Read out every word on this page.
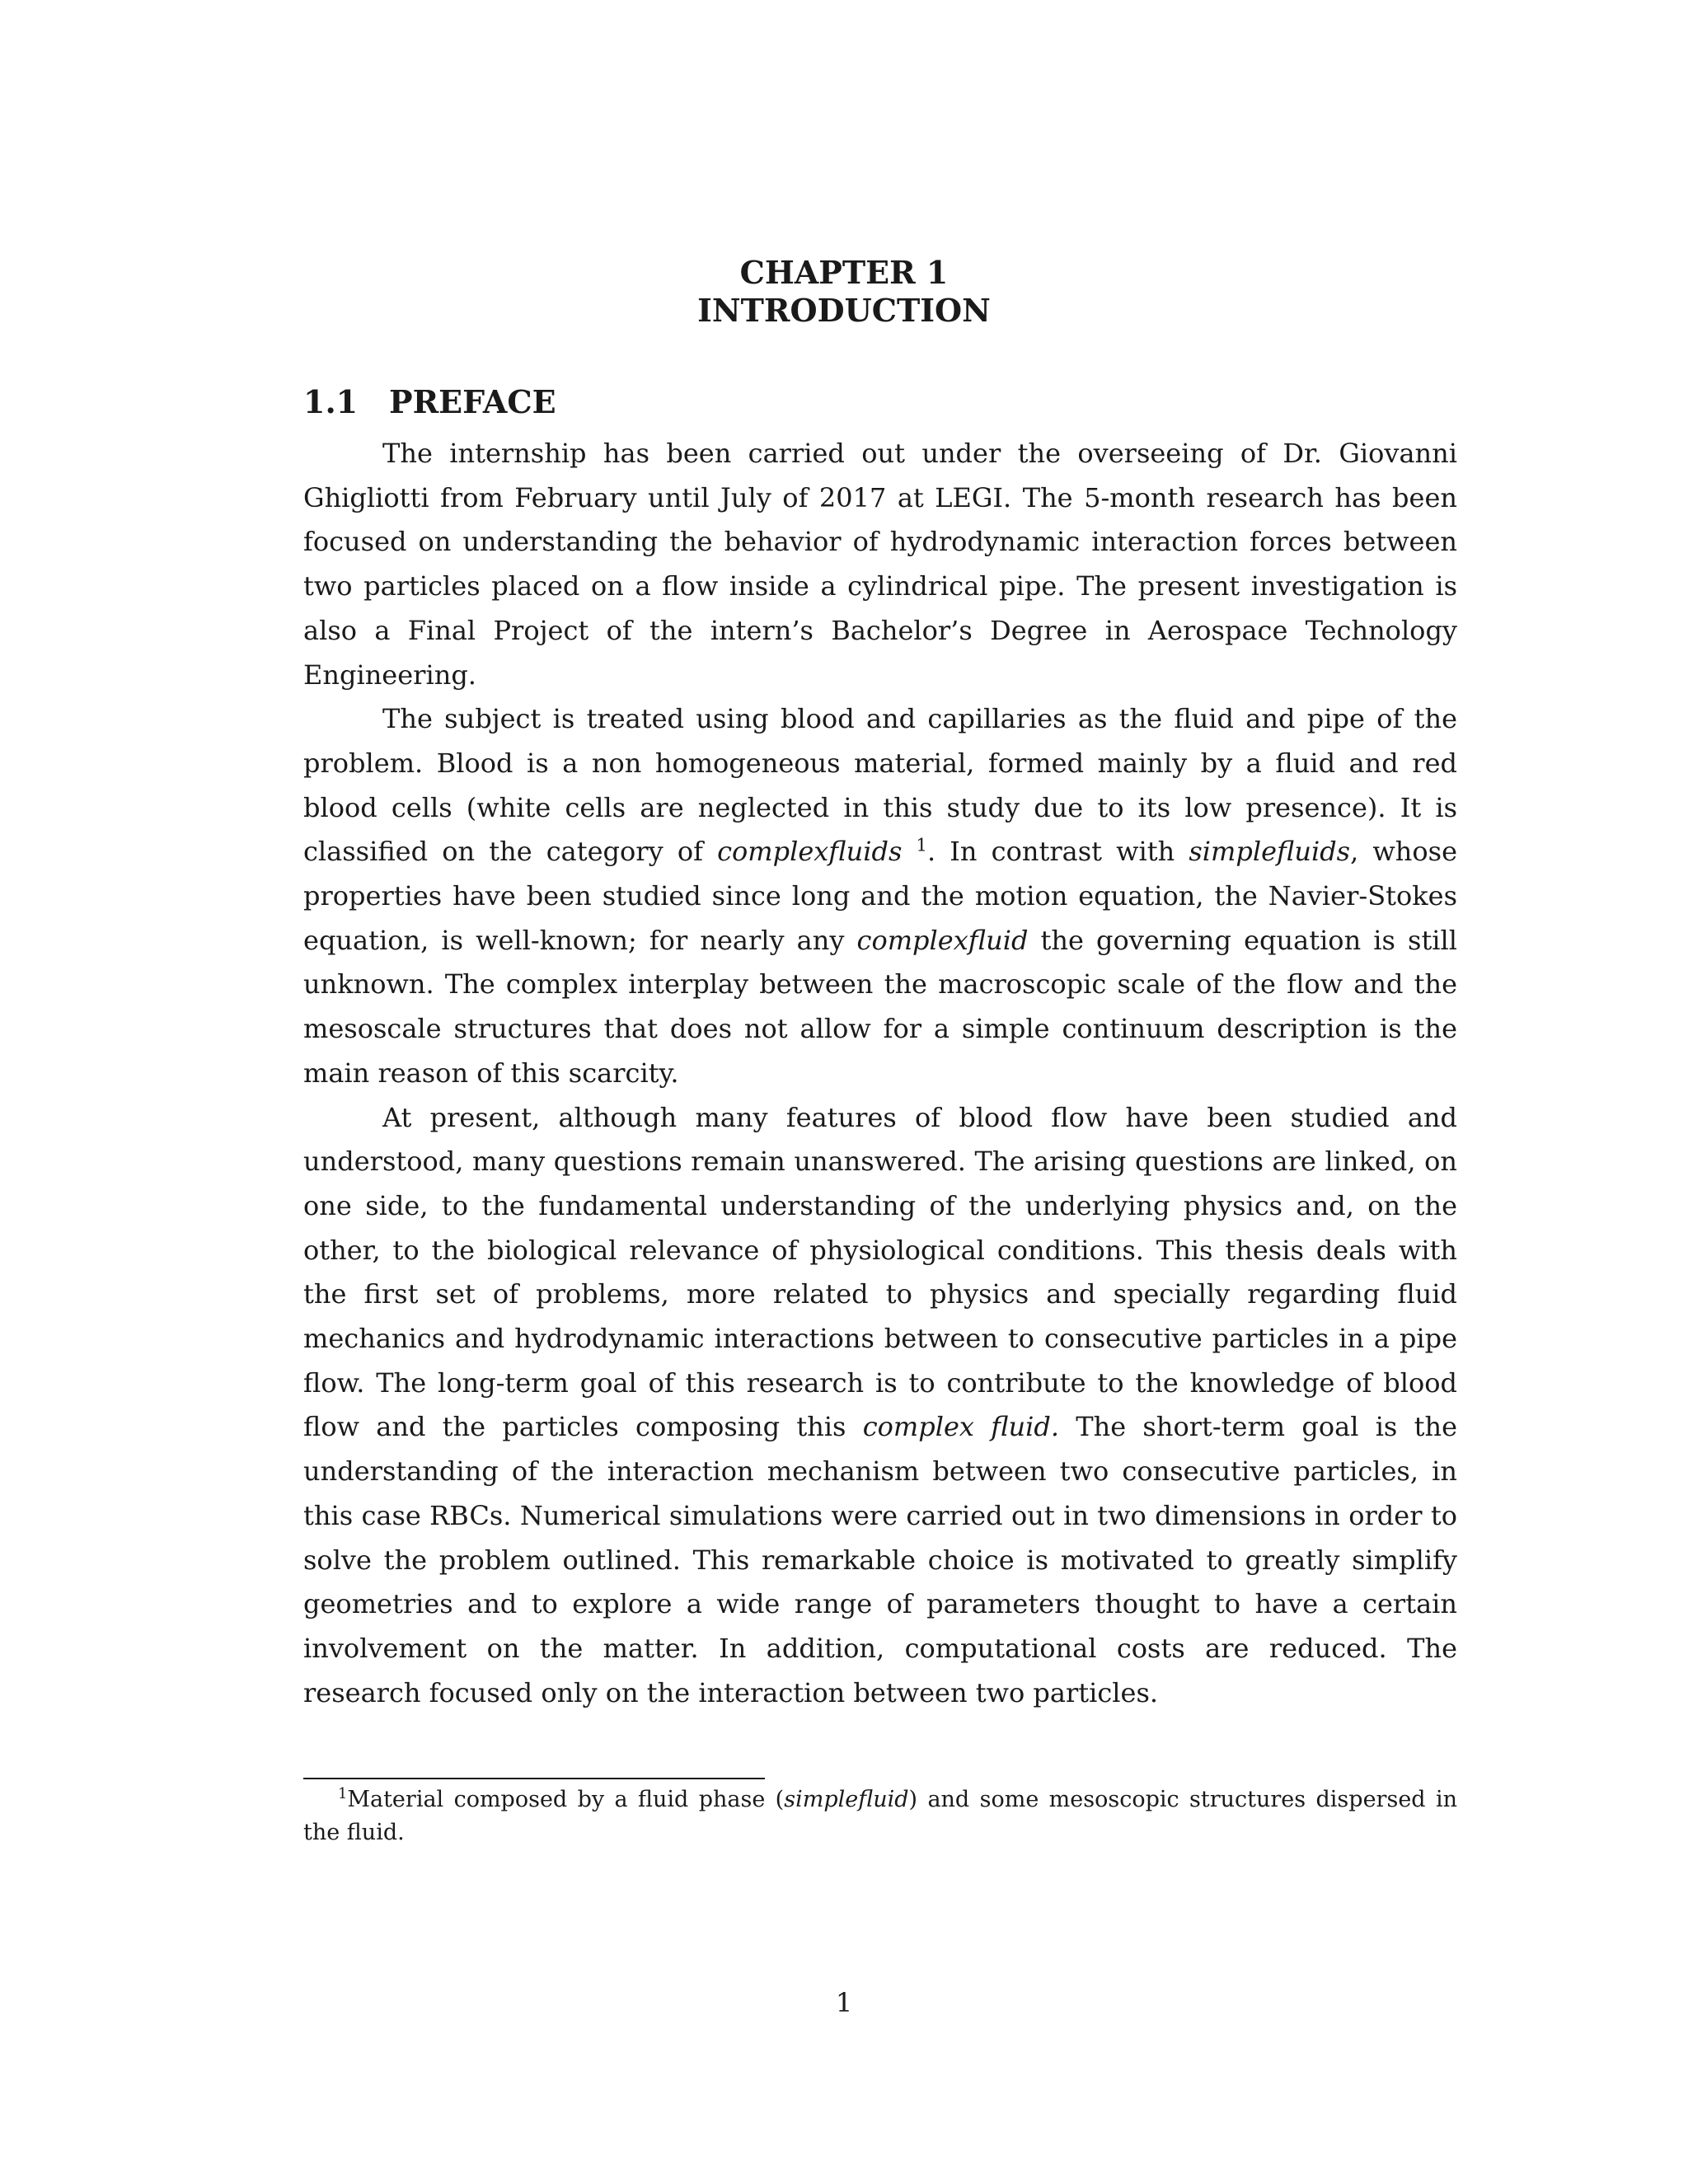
CHAPTER 1
INTRODUCTION
1.1 PREFACE

The internship has been carried out under the overseeing of Dr. Giovanni Ghigliotti from February until July of 2017 at LEGI. The 5-month research has been focused on understanding the behavior of hydrodynamic interaction forces between two particles placed on a flow inside a cylindrical pipe. The present investigation is also a Final Project of the intern’s Bachelor’s Degree in Aerospace Technology Engineering.

The subject is treated using blood and capillaries as the fluid and pipe of the problem. Blood is a non homogeneous material, formed mainly by a fluid and red blood cells (white cells are neglected in this study due to its low presence). It is classified on the category of complexfluids $^1$. In contrast with simplefluids, whose properties have been studied since long and the motion equation, the Navier-Stokes equation, is well-known; for nearly any complexfluid the governing equation is still unknown. The complex interplay between the macroscopic scale of the flow and the mesoscale structures that does not allow for a simple continuum description is the main reason of this scarcity.

At present, although many features of blood flow have been studied and understood, many questions remain unanswered. The arising questions are linked, on one side, to the fundamental understanding of the underlying physics and, on the other, to the biological relevance of physiological conditions. This thesis deals with the first set of problems, more related to physics and specially regarding fluid mechanics and hydrodynamic interactions between to consecutive particles in a pipe flow. The long-term goal of this research is to contribute to the knowledge of blood flow and the particles composing this complex fluid. The short-term goal is the understanding of the interaction mechanism between two consecutive particles, in this case RBCs. Numerical simulations were carried out in two dimensions in order to solve the problem outlined. This remarkable choice is motivated to greatly simplify geometries and to explore a wide range of parameters thought to have a certain involvement on the matter. In addition, computational costs are reduced. The research focused only on the interaction between two particles.

$^1$Material composed by a fluid phase (simplefluid) and some mesoscopic structures dispersed in the fluid.
1
